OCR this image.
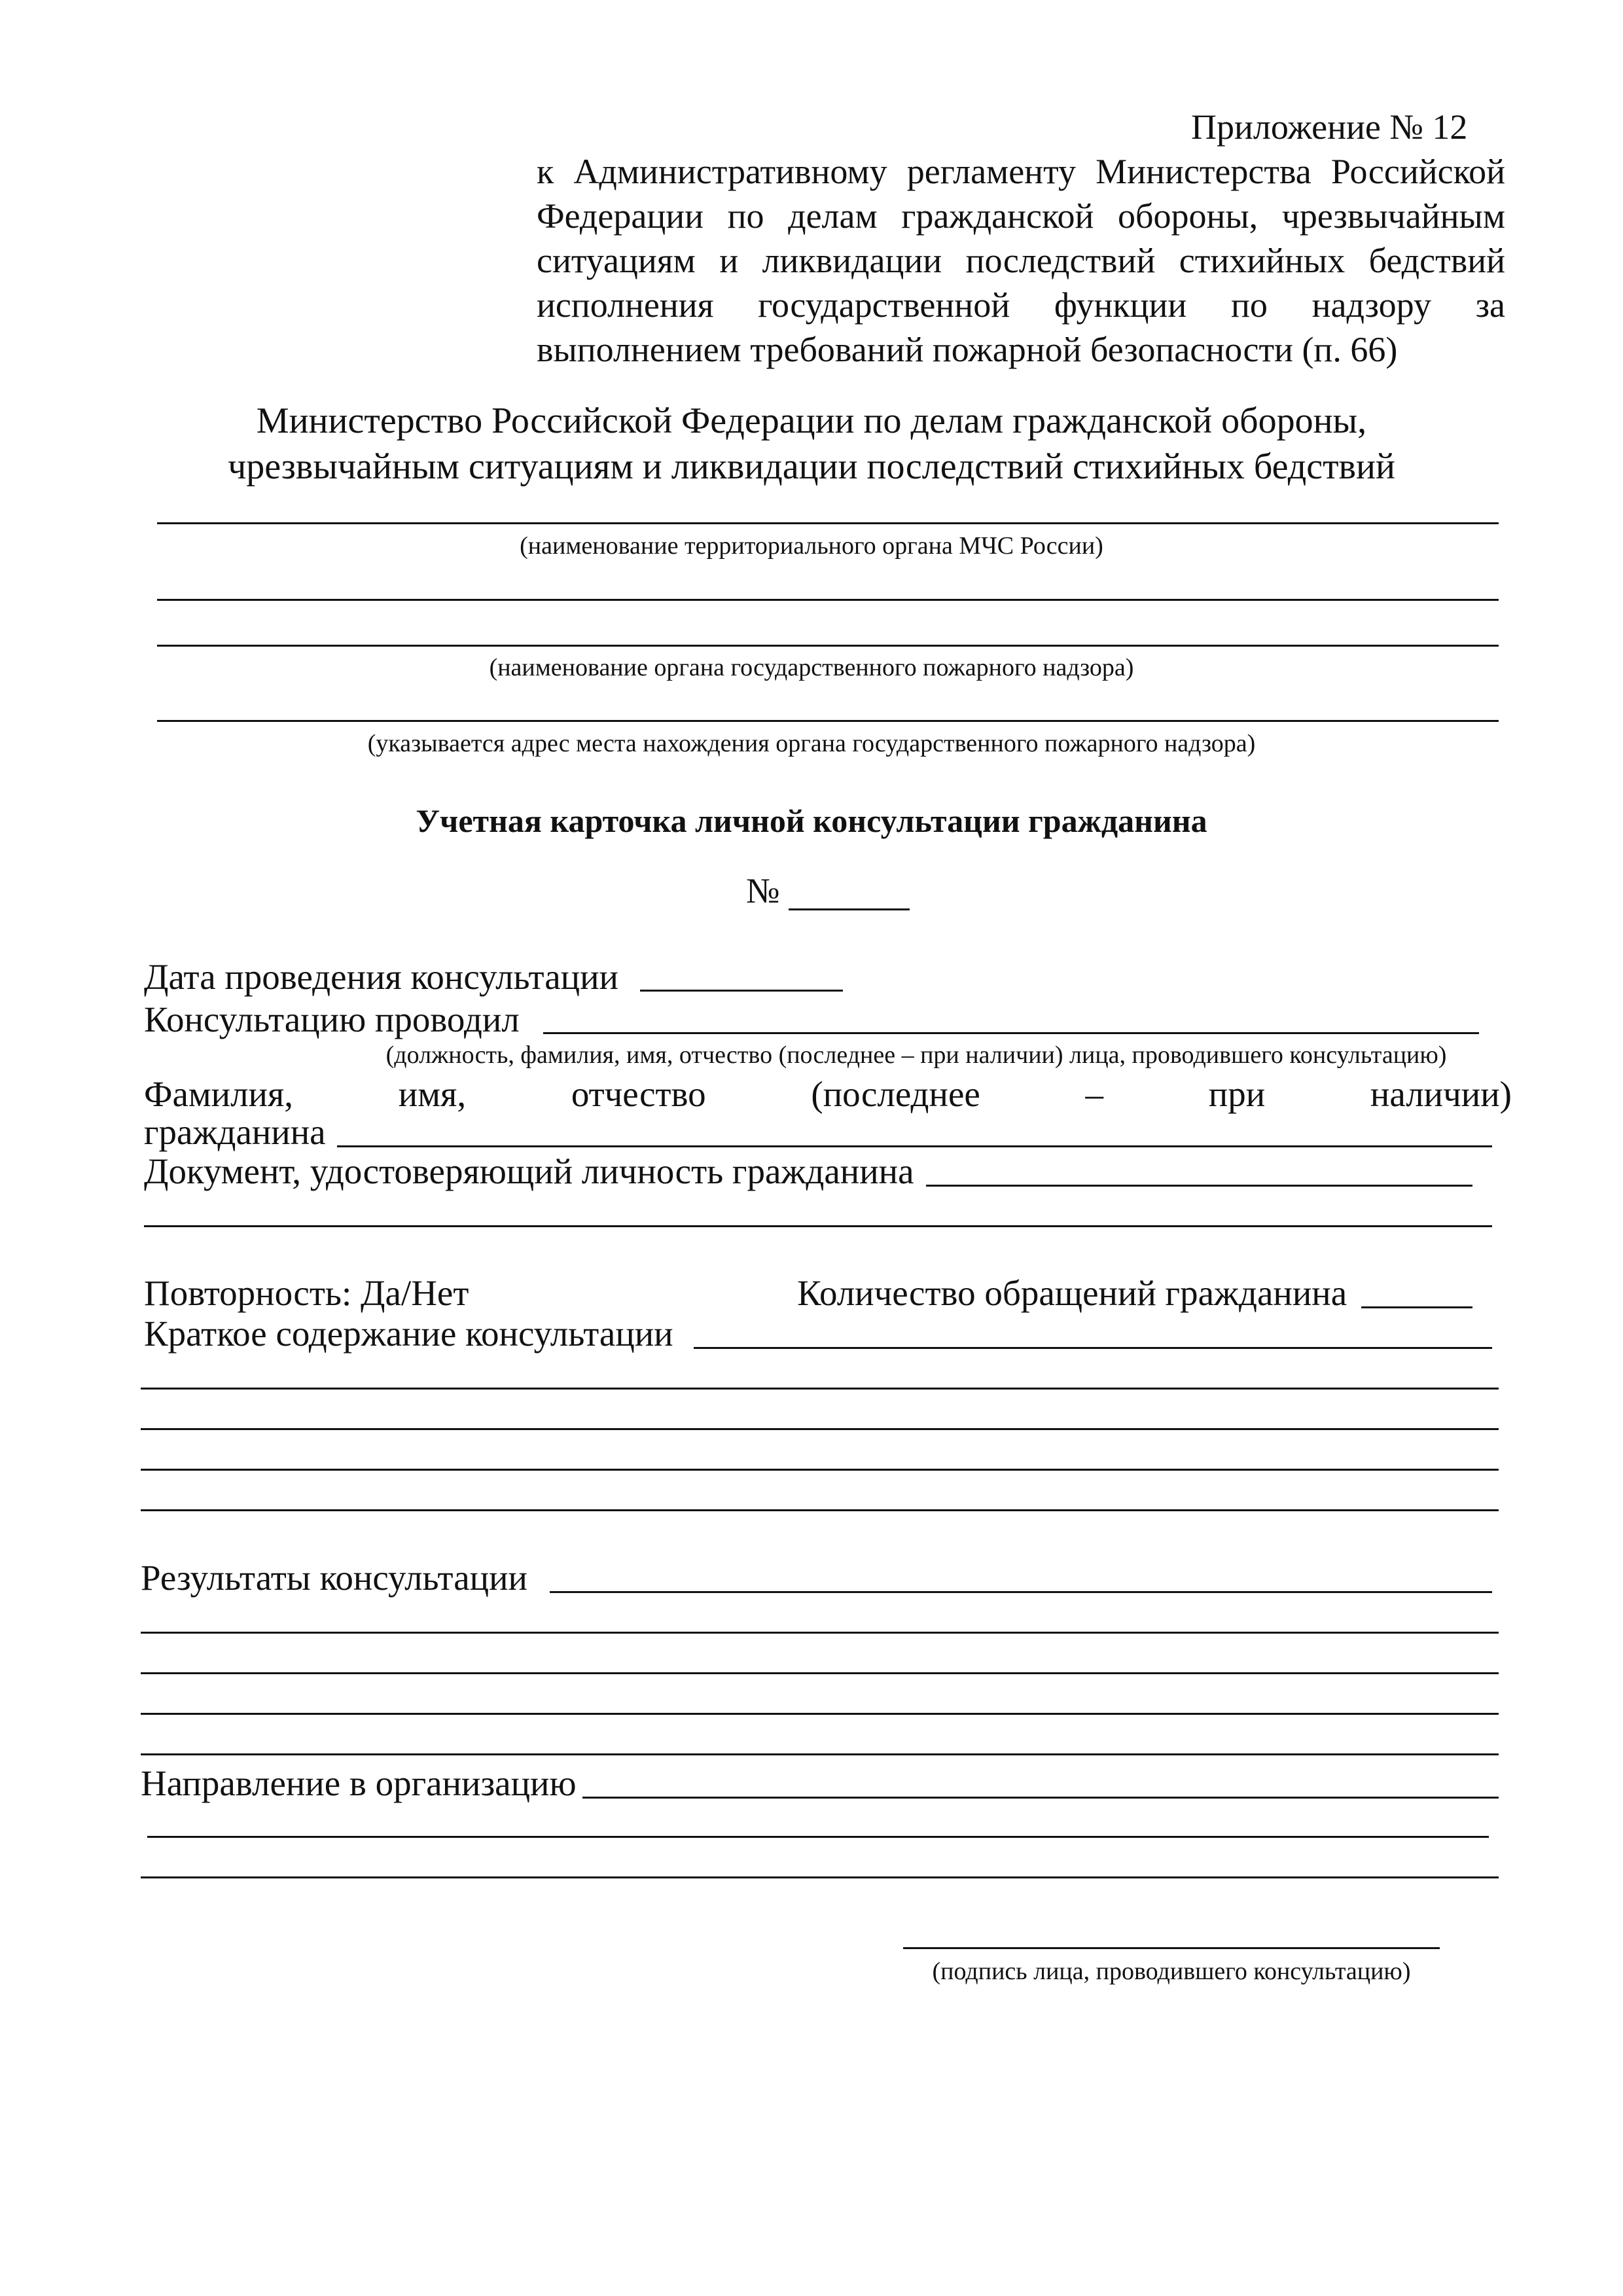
Приложение № 12
к Административному регламенту Министерства Российской Федерации по делам гражданской обороны, чрезвычайным ситуациям и ликвидации последствий стихийных бедствий исполнения государственной функции по надзору за выполнением требований пожарной безопасности (п. 66)
Министерство Российской Федерации по делам гражданской обороны,
чрезвычайным ситуациям и ликвидации последствий стихийных бедствий
(наименование территориального органа МЧС России)
(наименование органа государственного пожарного надзора)
(указывается адрес места нахождения органа государственного пожарного надзора)
Учетная карточка личной консультации гражданина
№
Дата проведения консультации
Консультацию проводил
(должность, фамилия, имя, отчество (последнее – при наличии) лица, проводившего консультацию)
Фамилия,	имя,	отчество	(последнее	–	при	наличии)
гражданина
Документ, удостоверяющий личность гражданина
Повторность: Да/Нет	Количество обращений гражданина
Краткое содержание консультации
Результаты консультации
Направление в организацию
(подпись лица, проводившего консультацию)
